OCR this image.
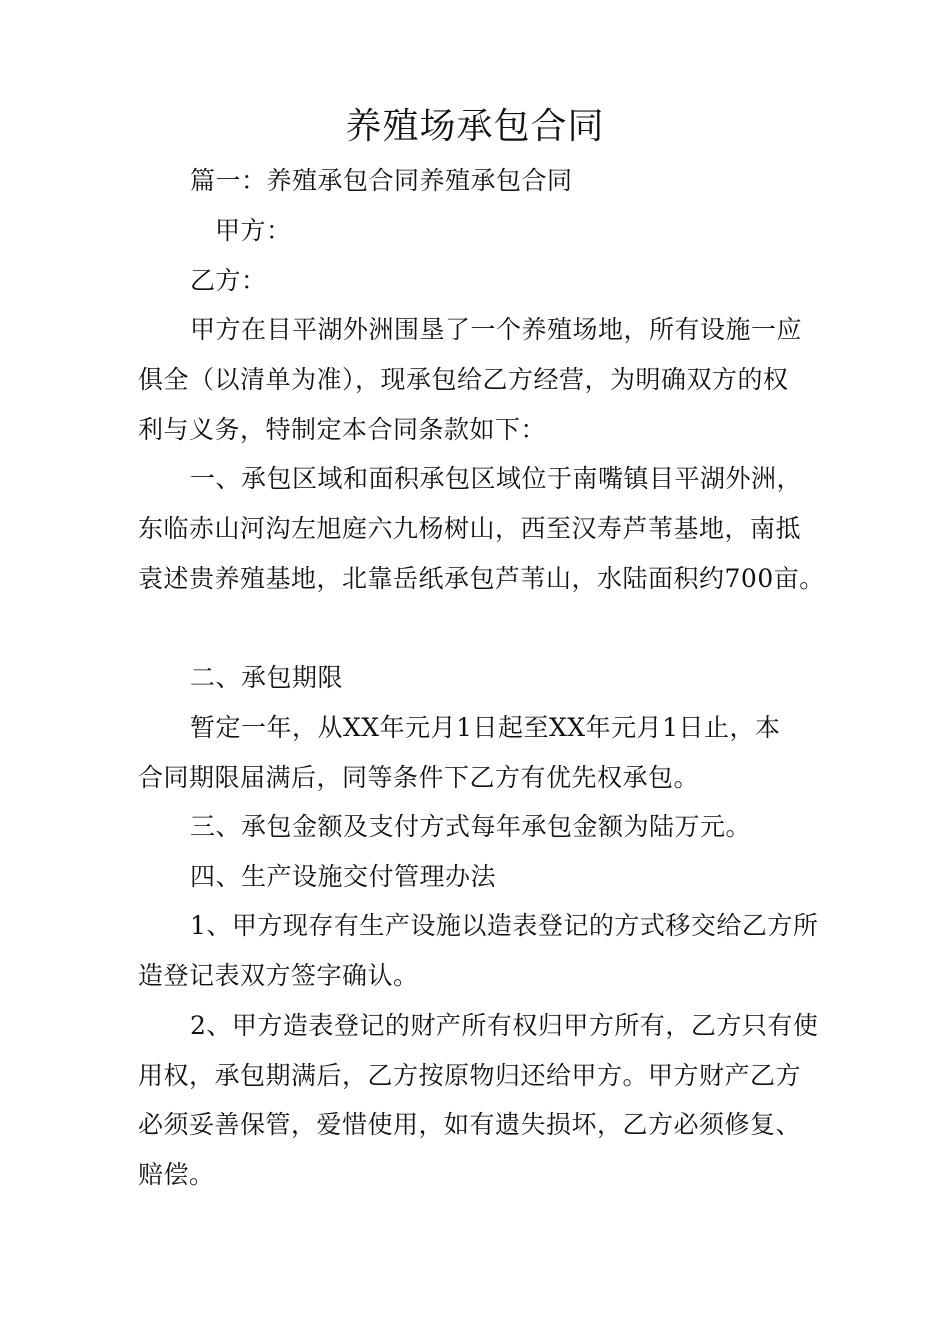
养殖场承包合同
篇一：养殖承包合同养殖承包合同
甲方：
乙方：
甲方在目平湖外洲围垦了一个养殖场地，所有设施一应
俱全（以清单为准），现承包给乙方经营，为明确双方的权
利与义务，特制定本合同条款如下：
一、承包区域和面积承包区域位于南嘴镇目平湖外洲，
东临赤山河沟左旭庭六九杨树山，西至汉寿芦苇基地，南抵
袁述贵养殖基地，北靠岳纸承包芦苇山，水陆面积约700亩。
二、承包期限
暂定一年，从XX年元月1日起至XX年元月1日止，本
合同期限届满后，同等条件下乙方有优先权承包。
三、承包金额及支付方式每年承包金额为陆万元。
四、生产设施交付管理办法
1、甲方现存有生产设施以造表登记的方式移交给乙方所
造登记表双方签字确认。
2、甲方造表登记的财产所有权归甲方所有，乙方只有使
用权，承包期满后，乙方按原物归还给甲方。甲方财产乙方
必须妥善保管，爱惜使用，如有遗失损坏，乙方必须修复、
赔偿。
